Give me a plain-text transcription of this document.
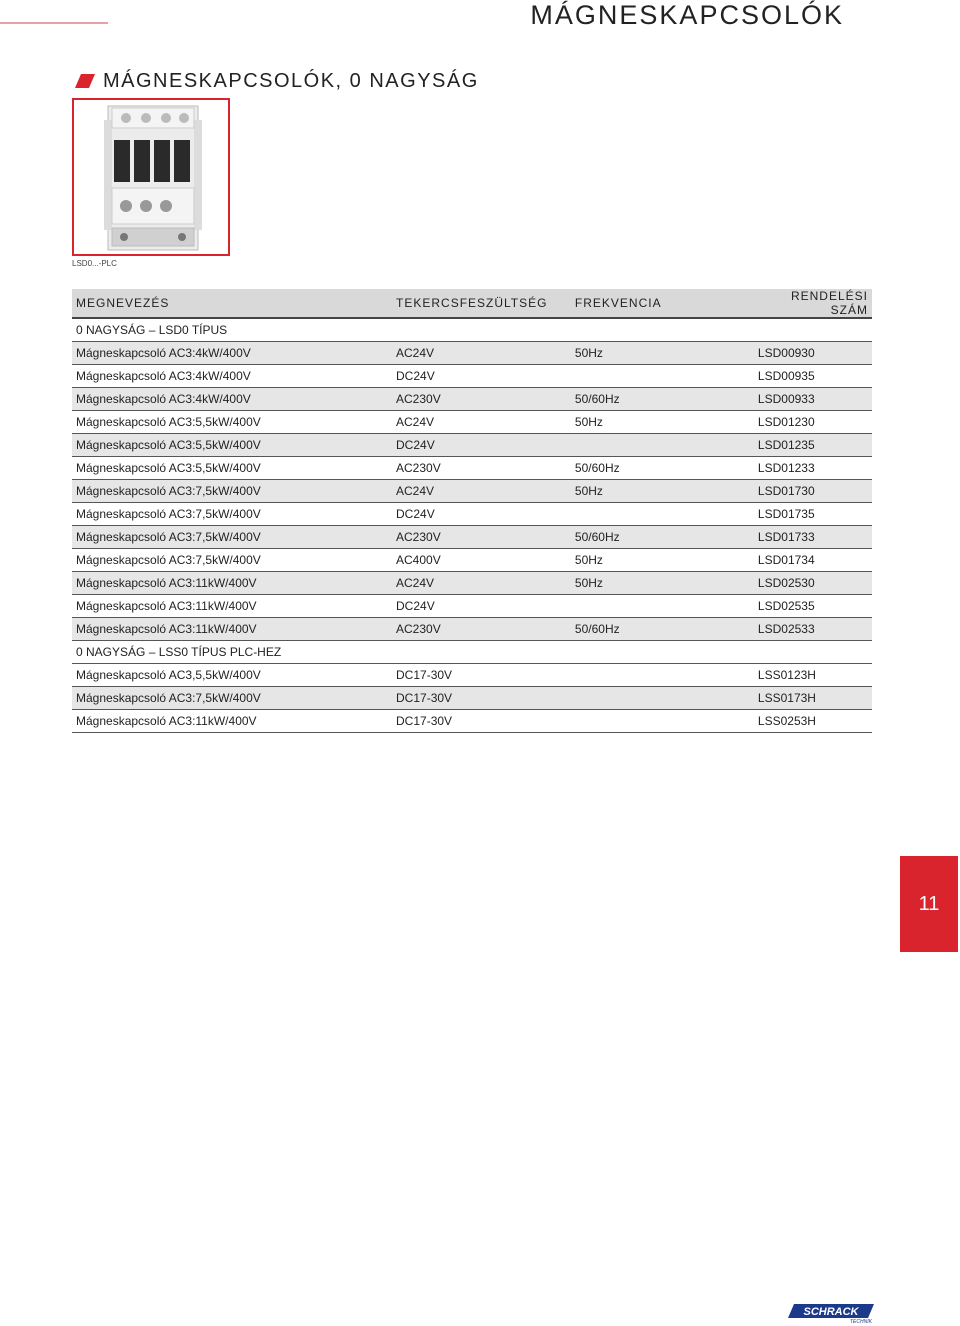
MÁGNESKAPCSOLÓK
MÁGNESKAPCSOLÓK, 0 NAGYSÁG
LSD0...-PLC
MEGNEVEZÉS	TEKERCSFESZÜLTSÉG	FREKVENCIA	RENDELÉSI SZÁM
0 NAGYSÁG – LSD0 TÍPUS			
Mágneskapcsoló AC3:4kW/400V	AC24V	50Hz	LSD00930
Mágneskapcsoló AC3:4kW/400V	DC24V		LSD00935
Mágneskapcsoló AC3:4kW/400V	AC230V	50/60Hz	LSD00933
Mágneskapcsoló AC3:5,5kW/400V	AC24V	50Hz	LSD01230
Mágneskapcsoló AC3:5,5kW/400V	DC24V		LSD01235
Mágneskapcsoló AC3:5,5kW/400V	AC230V	50/60Hz	LSD01233
Mágneskapcsoló AC3:7,5kW/400V	AC24V	50Hz	LSD01730
Mágneskapcsoló AC3:7,5kW/400V	DC24V		LSD01735
Mágneskapcsoló AC3:7,5kW/400V	AC230V	50/60Hz	LSD01733
Mágneskapcsoló AC3:7,5kW/400V	AC400V	50Hz	LSD01734
Mágneskapcsoló AC3:11kW/400V	AC24V	50Hz	LSD02530
Mágneskapcsoló AC3:11kW/400V	DC24V		LSD02535
Mágneskapcsoló AC3:11kW/400V	AC230V	50/60Hz	LSD02533
0 NAGYSÁG – LSS0 TÍPUS PLC-HEZ			
Mágneskapcsoló AC3,5,5kW/400V	DC17-30V		LSS0123H
Mágneskapcsoló AC3:7,5kW/400V	DC17-30V		LSS0173H
Mágneskapcsoló AC3:11kW/400V	DC17-30V		LSS0253H
11
SCHRACK
TECHNIK
